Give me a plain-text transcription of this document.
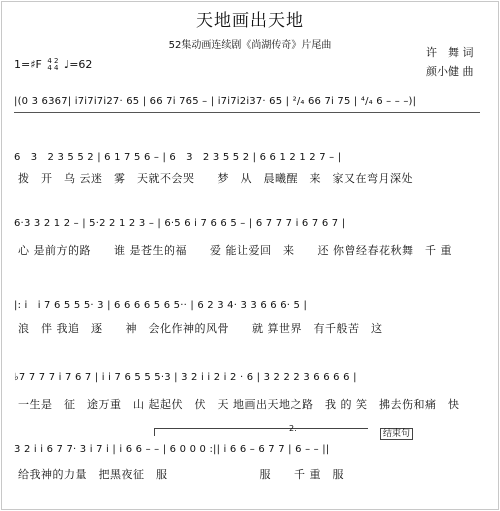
天地画出天地
52集动画连续剧《尚湖传奇》片尾曲
1=♯F 4 2
4 4 ♩=62
许　舞 词
颜小健 曲
|(0 3 6367| i7i7i7i27· 65 | 66 7i 765 – | i7i7i2i37· 65 | ²/₄ 66 7i 75 | ⁴/₄ 6 – – –)|
6　3　2 3 5 5 2 | 6 1 7 5 6 – | 6　3　2 3 5 5 2 | 6 6 1 2 1 2 7 – |
拨　开　乌 云迷　雾　天就不会哭　　梦　从　晨曦醒　来　家又在弯月深处
6·3 3 2 1 2 – | 5·2 2 1 2 3 – | 6·5 6 i 7 6 6 5 – | 6 7 7 7 i 6 7 6 7 |
心 是前方的路　　谁 是苍生的福　　爱 能让爱回　来　　还 你曾经春花秋舞　千 重
|: i　i 7 6 5 5 5· 3 | 6 6 6 6 5 6 5·· | 6 2 3 4· 3 3 6 6 6· 5 |
浪　伴 我追　逐　　神　会化作神的风骨　　就 算世界　有千般苦　这
♭7 7 7 7 i 7 6 7 | i i 7 6 5 5 5·3 | 3 2 i i 2 i 2 · 6 | 3 2 2 2 3 6 6 6 6 |
一生是　征　途万重　山 起起伏　伏　天 地画出天地之路　我 的 笑　拂去伤和痛　快
2.
结束句
3 2 i i 6 7 7· 3 i 7 i | i 6 6 – – | 6 0 0 0 :|| i 6 6 – 6 7 7 | 6 – – ||
给我神的力量　把黑夜征　服　　　　　　　　服　　千 重　服
